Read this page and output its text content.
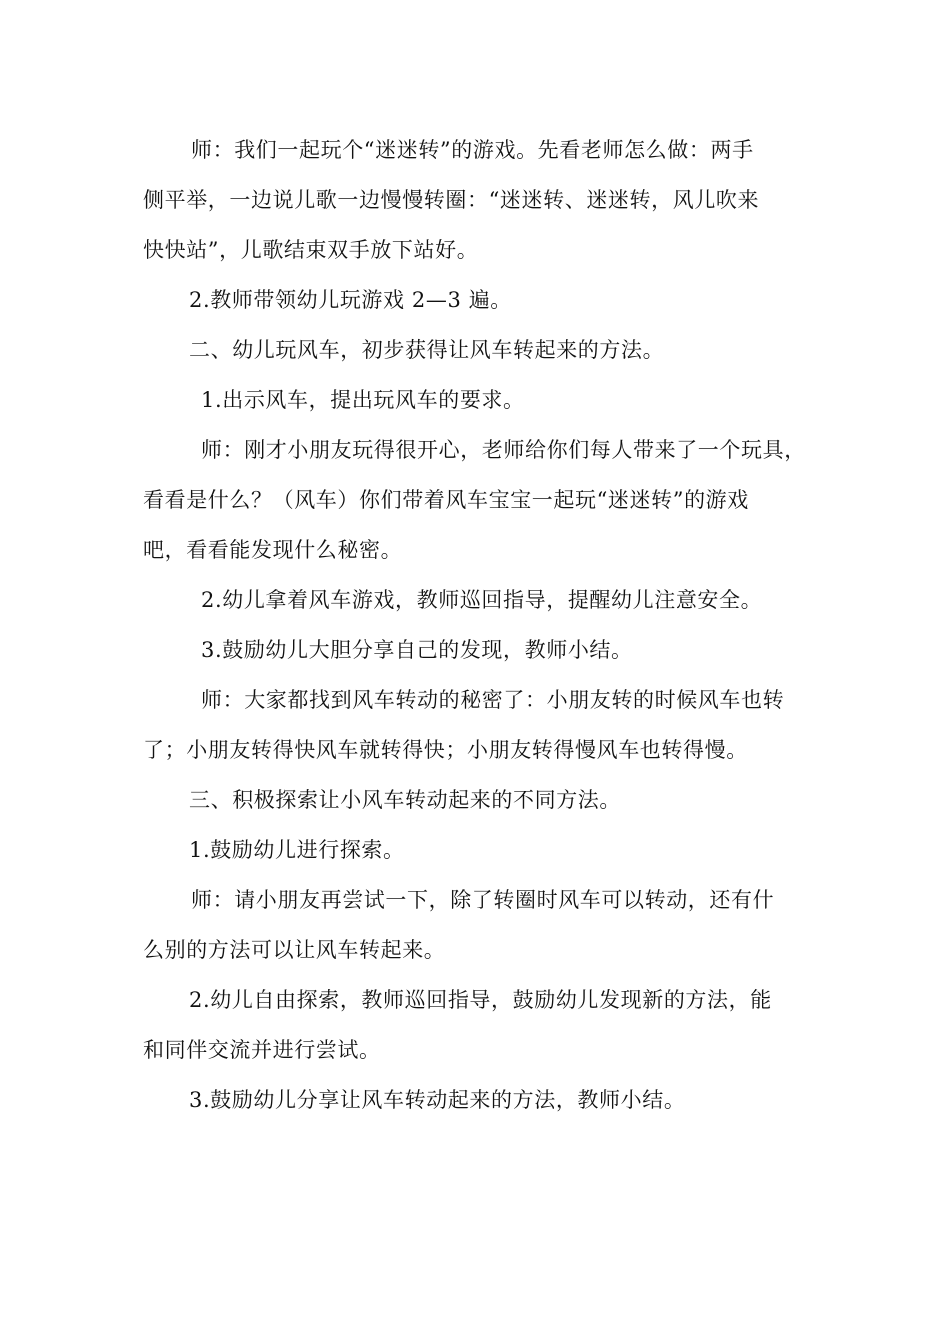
师：我们一起玩个“迷迷转”的游戏。先看老师怎么做：两手
侧平举，一边说儿歌一边慢慢转圈：“迷迷转、迷迷转，风儿吹来
快快站”，儿歌结束双手放下站好。
2.教师带领幼儿玩游戏 2—3 遍。
二、幼儿玩风车，初步获得让风车转起来的方法。
1.出示风车，提出玩风车的要求。
师：刚才小朋友玩得很开心，老师给你们每人带来了一个玩具，
看看是什么？（风车）你们带着风车宝宝一起玩“迷迷转”的游戏
吧，看看能发现什么秘密。
2.幼儿拿着风车游戏，教师巡回指导，提醒幼儿注意安全。
3.鼓励幼儿大胆分享自己的发现，教师小结。
师：大家都找到风车转动的秘密了：小朋友转的时候风车也转
了；小朋友转得快风车就转得快；小朋友转得慢风车也转得慢。
三、积极探索让小风车转动起来的不同方法。
1.鼓励幼儿进行探索。
师：请小朋友再尝试一下，除了转圈时风车可以转动，还有什
么别的方法可以让风车转起来。
2.幼儿自由探索，教师巡回指导，鼓励幼儿发现新的方法，能
和同伴交流并进行尝试。
3.鼓励幼儿分享让风车转动起来的方法，教师小结。
